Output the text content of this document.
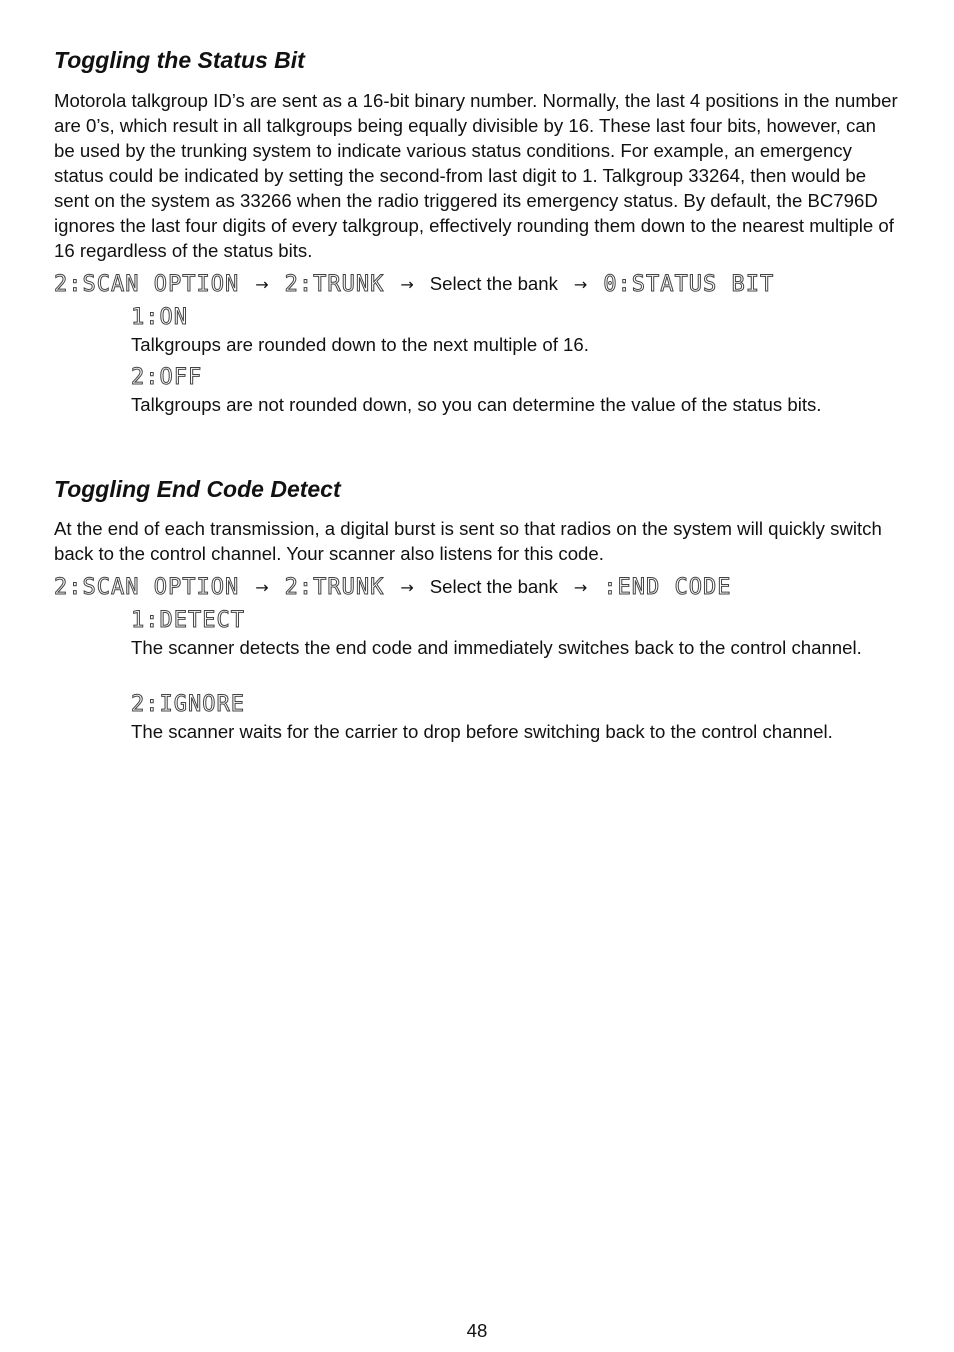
Toggling the Status Bit

Motorola talkgroup ID’s are sent as a 16-bit binary number. Normally, the last 4 positions in the number are 0’s, which result in all talkgroups being equally divisible by 16. These last four bits, however, can be used by the trunking system to indicate various status conditions. For example, an emergency status could be indicated by setting the second-from last digit to 1. Talkgroup 33264, then would be sent on the system as 33266 when the radio triggered its emergency status. By default, the BC796D ignores the last four digits of every talkgroup, effectively rounding them down to the nearest multiple of 16 regardless of the status bits.

2:SCAN OPTION → 2:TRUNK → Select the bank → 0:STATUS BIT
1:ON

Talkgroups are rounded down to the next multiple of 16.

2:OFF

Talkgroups are not rounded down, so you can determine the value of the status bits.

Toggling End Code Detect

At the end of each transmission, a digital burst is sent so that radios on the system will quickly switch back to the control channel. Your scanner also listens for this code.

2:SCAN OPTION → 2:TRUNK → Select the bank → :END CODE
1:DETECT

The scanner detects the end code and immediately switches back to the control channel.

2:IGNORE

The scanner waits for the carrier to drop before switching back to the control channel.

48
